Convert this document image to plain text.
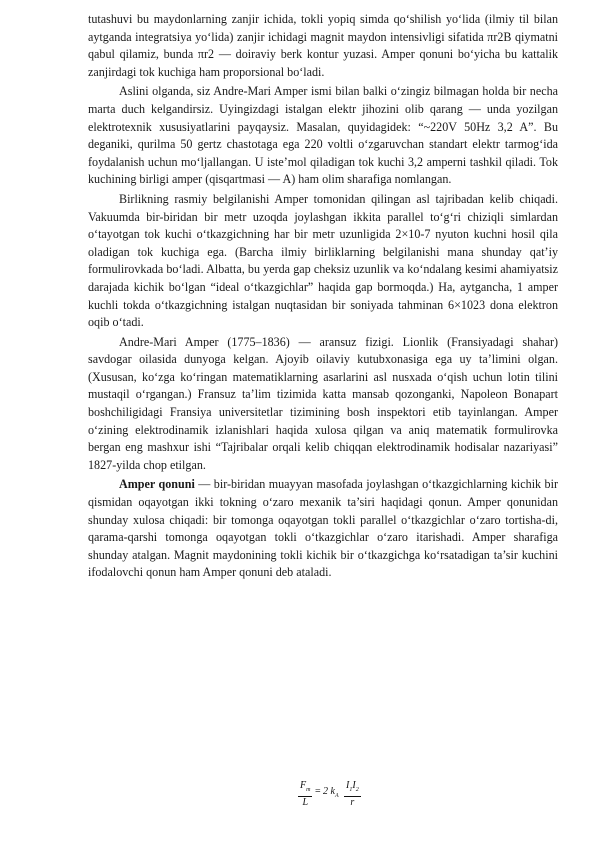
tutashuvi bu maydonlarning zanjir ichida, tokli yopiq simda qo‘shilish yo‘lida (ilmiy til bilan aytganda integratsiya yo‘lida) zanjir ichidagi magnit maydon intensivligi sifatida πr2B qiymatni qabul qilamiz, bunda πr2 — doiraviy berk kontur yuzasi. Amper qonuni bo‘yicha bu kattalik zanjirdagi tok kuchiga ham proporsional bo‘ladi.

Aslini olganda, siz Andre-Mari Amper ismi bilan balki o‘zingiz bilmagan holda bir necha marta duch kelgandirsiz. Uyingizdagi istalgan elektr jihozini olib qarang — unda yozilgan elektrotexnik xususiyatlarini payqaysiz. Masalan, quyidagidek: “~220V 50Hz 3,2 A”. Bu deganiki, qurilma 50 gertz chastotaga ega 220 voltli o‘zgaruvchan standart elektr tarmog‘ida foydalanish uchun mo‘ljallangan. U iste’mol qiladigan tok kuchi 3,2 amperni tashkil qiladi. Tok kuchining birligi amper (qisqartmasi — A) ham olim sharafiga nomlangan.

Birlikning rasmiy belgilanishi Amper tomonidan qilingan asl tajribadan kelib chiqadi. Vakuumda bir-biridan bir metr uzoqda joylashgan ikkita parallel to‘g‘ri chiziqli simlardan o‘tayotgan tok kuchi o‘tkazgichning har bir metr uzunligida 2×10-7 nyuton kuchni hosil qila oladigan tok kuchiga ega. (Barcha ilmiy birliklarning belgilanishi mana shunday qat’iy formulirovkada bo‘ladi. Albatta, bu yerda gap cheksiz uzunlik va ko‘ndalang kesimi ahamiyatsiz darajada kichik bo‘lgan “ideal o‘tkazgichlar” haqida gap bormoqda.) Ha, aytgancha, 1 amper kuchli tokda o‘tkazgichning istalgan nuqtasidan bir soniyada tahminan 6×1023 dona elektron oqib o‘tadi.

Andre-Mari Amper (1775–1836) — aransuz fizigi. Lionlik (Fransiyadagi shahar) savdogar oilasida dunyoga kelgan. Ajoyib oilaviy kutubxonasiga ega uy ta’limini olgan. (Xususan, ko‘zga ko‘ringan matematiklarning asarlarini asl nusxada o‘qish uchun lotin tilini mustaqil o‘rgangan.) Fransuz ta’lim tizimida katta mansab qozonganki, Napoleon Bonapart boshchiligidagi Fransiya universitetlar tizimining bosh inspektori etib tayinlangan. Amper o‘zining elektrodinamik izlanishlari haqida xulosa qilgan va aniq matematik formulirovka bergan eng mashxur ishi “Tajribalar orqali kelib chiqqan elektrodinamik hodisalar nazariyasi” 1827-yilda chop etilgan.

Amper qonuni — bir-biridan muayyan masofada joylashgan o‘tkazgichlarning kichik bir qismidan oqayotgan ikki tokning o‘zaro mexanik ta’siri haqidagi qonun. Amper qonunidan shunday xulosa chiqadi: bir tomonga oqayotgan tokli parallel o‘tkazgichlar o‘zaro tortisha-di, qarama-qarshi tomonga oqayotgan tokli o‘tkazgichlar o‘zaro itarishadi. Amper sharafiga shunday atalgan. Magnit maydonining tokli kichik bir o‘tkazgichga ko‘rsatadigan ta’sir kuchini ifodalovchi qonun ham Amper qonuni deb ataladi.

$\frac{F_m}{L} = 2$ $k_A \frac{I_1I_2}{r}$
